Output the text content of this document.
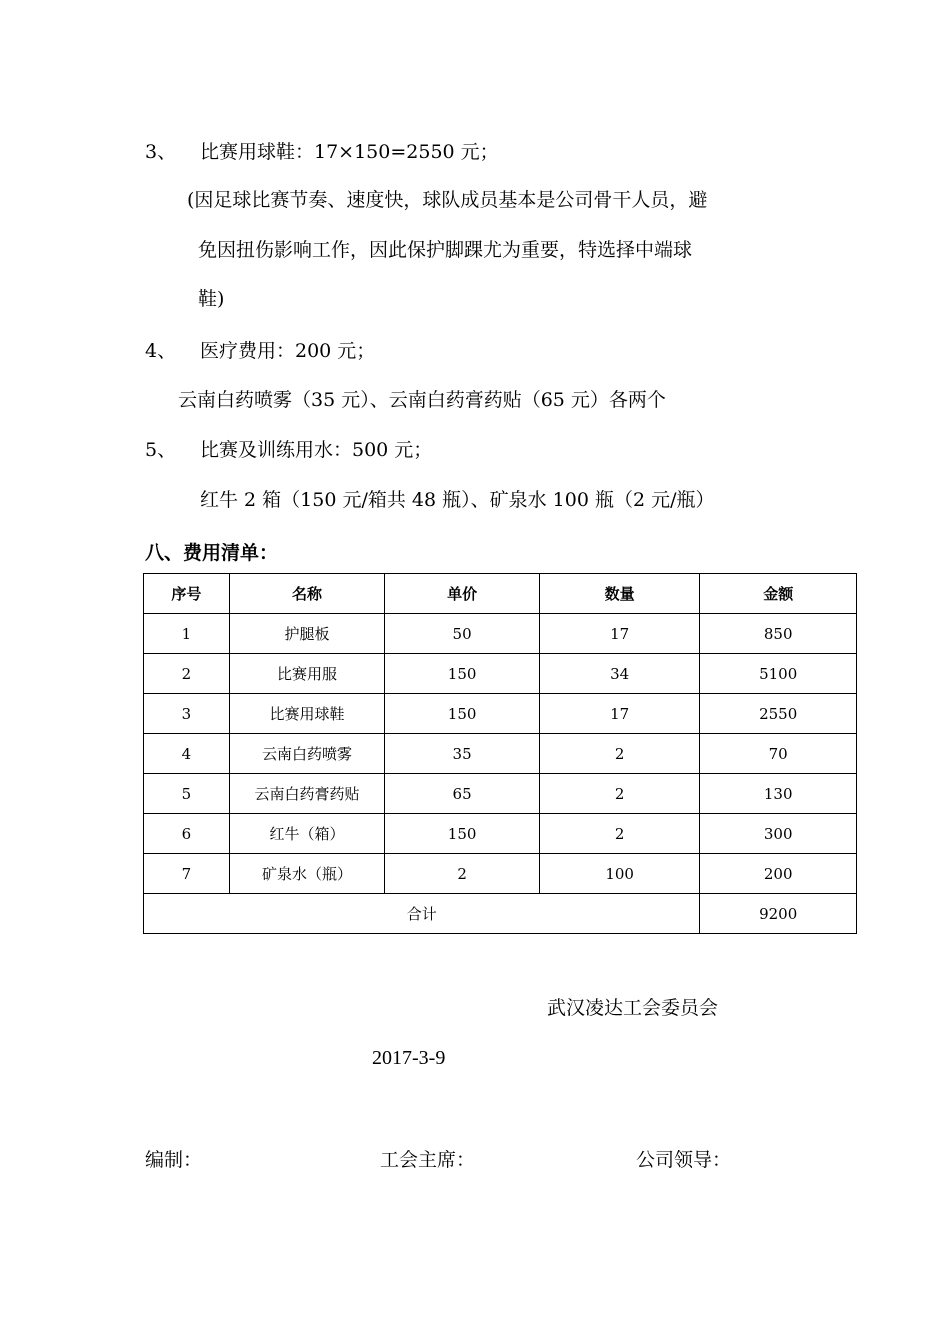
3、 比赛用球鞋：17×150=2550 元；
(因足球比赛节奏、速度快，球队成员基本是公司骨干人员，避
免因扭伤影响工作，因此保护脚踝尤为重要，特选择中端球
鞋)
4、 医疗费用：200 元；
云南白药喷雾（35 元）、云南白药膏药贴（65 元）各两个
5、 比赛及训练用水：500 元；
红牛 2 箱（150 元/箱共 48 瓶）、矿泉水 100 瓶（2 元/瓶）
八、费用清单：
序号	名称	单价	数量	金额
1	护腿板	50	17	850
2	比赛用服	150	34	5100
3	比赛用球鞋	150	17	2550
4	云南白药喷雾	35	2	70
5	云南白药膏药贴	65	2	130
6	红牛（箱）	150	2	300
7	矿泉水（瓶）	2	100	200
合计				9200
武汉凌达工会委员会
2017-3-9
编制：	工会主席：	公司领导：
